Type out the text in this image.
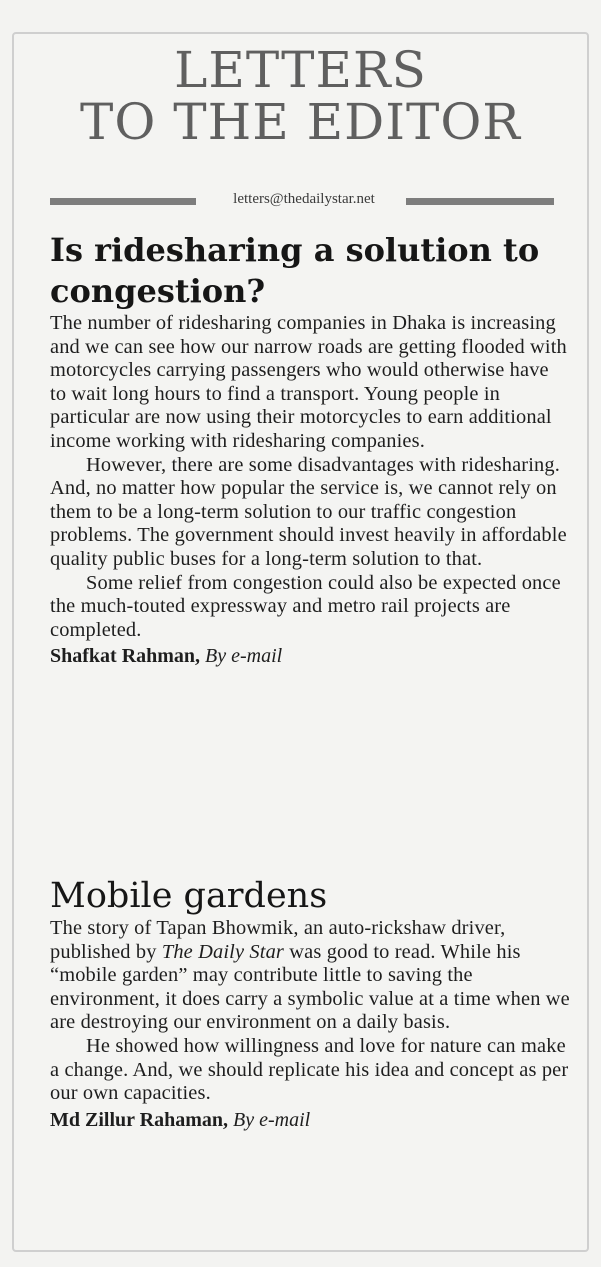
LETTERS
TO THE EDITOR
letters@thedailystar.net
Is ridesharing a solution to congestion?

The number of ridesharing companies in Dhaka is increasing and we can see how our narrow roads are getting flooded with motorcycles carrying passengers who would otherwise have to wait long hours to find a transport. Young people in particular are now using their motorcycles to earn additional income working with ridesharing companies.

However, there are some disadvantages with ridesharing. And, no matter how popular the service is, we cannot rely on them to be a long-term solution to our traffic congestion problems. The government should invest heavily in affordable quality public buses for a long-term solution to that.

Some relief from congestion could also be expected once the much-touted expressway and metro rail projects are completed.

Shafkat Rahman, By e-mail

Mobile gardens

The story of Tapan Bhowmik, an auto-rickshaw driver, published by The Daily Star was good to read. While his “mobile garden” may contribute little to saving the environment, it does carry a symbolic value at a time when we are destroying our environment on a daily basis.

He showed how willingness and love for nature can make a change. And, we should replicate his idea and concept as per our own capacities.

Md Zillur Rahaman, By e-mail
